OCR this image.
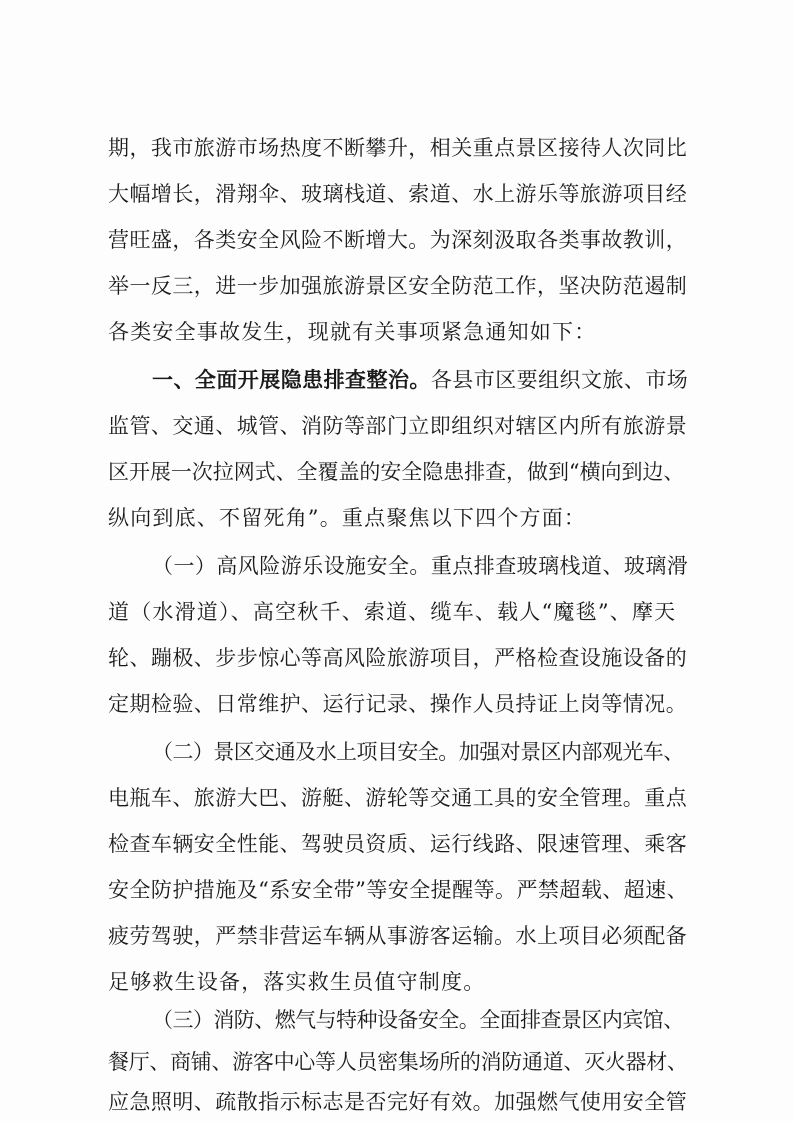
期，我市旅游市场热度不断攀升，相关重点景区接待人次同比
大幅增长，滑翔伞、玻璃栈道、索道、水上游乐等旅游项目经
营旺盛，各类安全风险不断增大。为深刻汲取各类事故教训，
举一反三，进一步加强旅游景区安全防范工作，坚决防范遏制
各类安全事故发生，现就有关事项紧急通知如下：
一、全面开展隐患排查整治。各县市区要组织文旅、市场
监管、交通、城管、消防等部门立即组织对辖区内所有旅游景
区开展一次拉网式、全覆盖的安全隐患排查，做到“横向到边、
纵向到底、不留死角”。重点聚焦以下四个方面：
（一）高风险游乐设施安全。重点排查玻璃栈道、玻璃滑
道（水滑道）、高空秋千、索道、缆车、载人“魔毯”、摩天
轮、蹦极、步步惊心等高风险旅游项目，严格检查设施设备的
定期检验、日常维护、运行记录、操作人员持证上岗等情况。
（二）景区交通及水上项目安全。加强对景区内部观光车、
电瓶车、旅游大巴、游艇、游轮等交通工具的安全管理。重点
检查车辆安全性能、驾驶员资质、运行线路、限速管理、乘客
安全防护措施及“系安全带”等安全提醒等。严禁超载、超速、
疲劳驾驶，严禁非营运车辆从事游客运输。水上项目必须配备
足够救生设备，落实救生员值守制度。
（三）消防、燃气与特种设备安全。全面排查景区内宾馆、
餐厅、商铺、游客中心等人员密集场所的消防通道、灭火器材、
应急照明、疏散指示标志是否完好有效。加强燃气使用安全管
